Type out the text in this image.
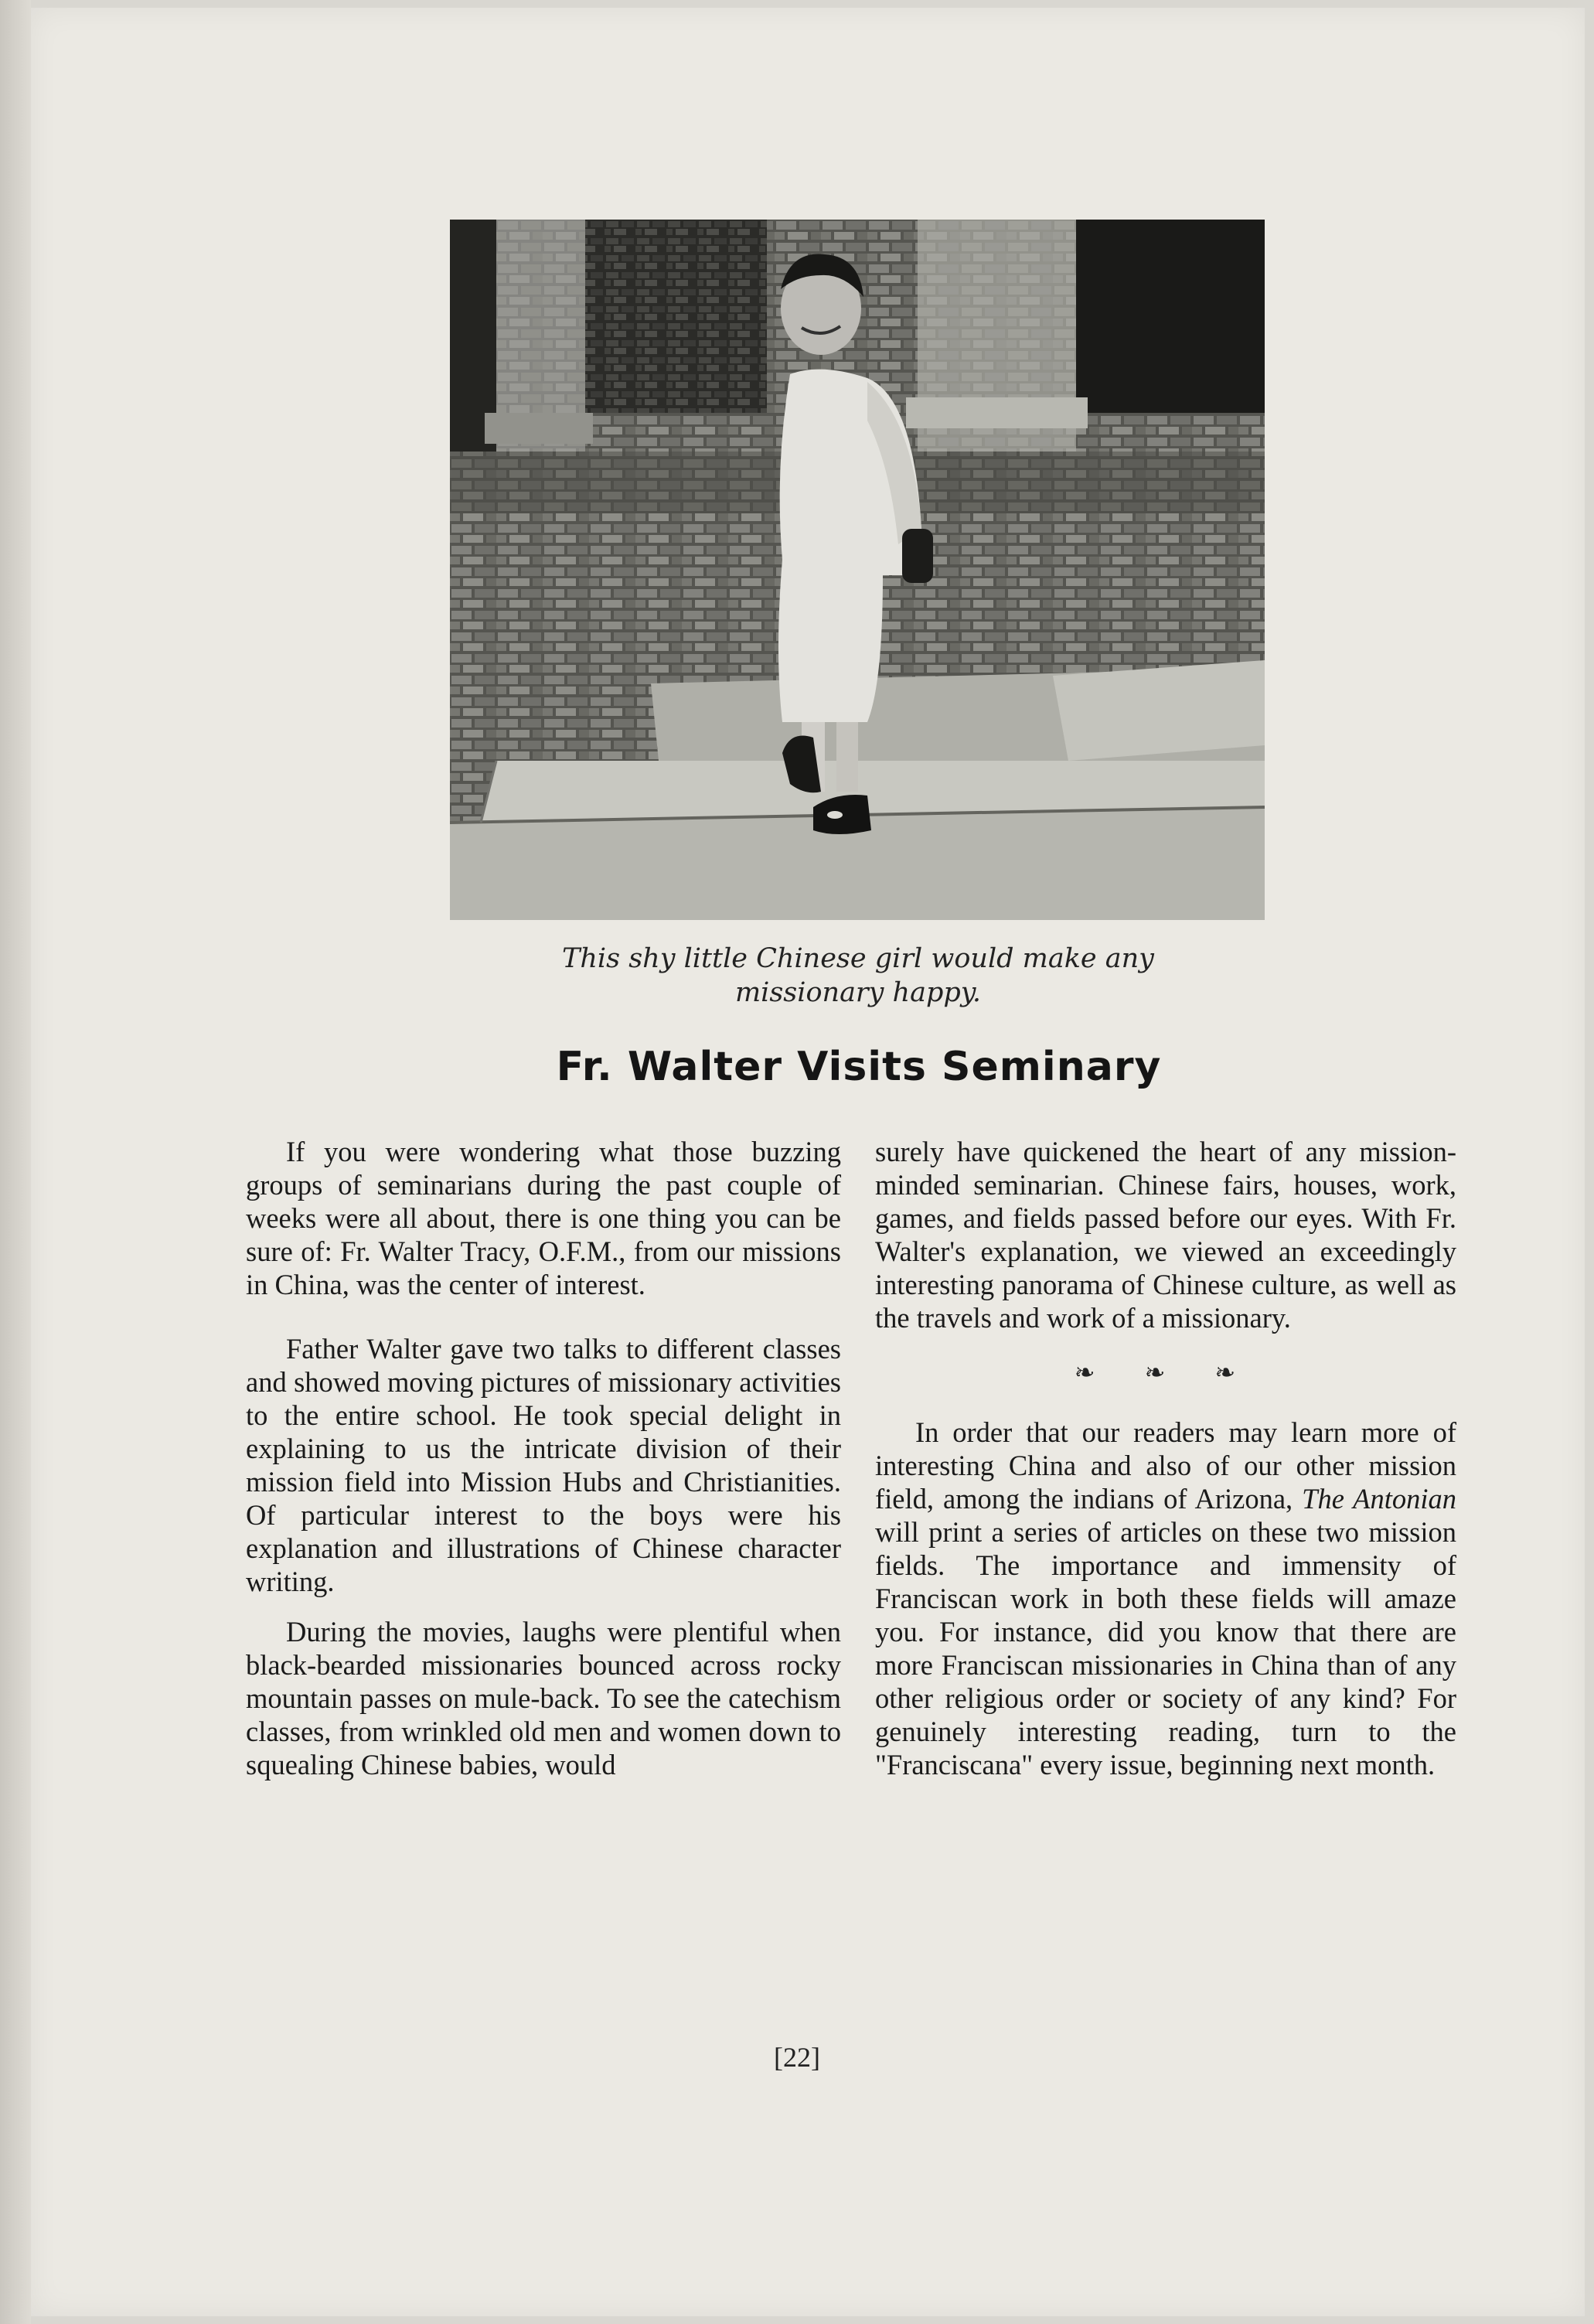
This shy little Chinese girl would make any
missionary happy.
Fr. Walter Visits Seminary

If you were wondering what those buzzing groups of seminarians during the past couple of weeks were all about, there is one thing you can be sure of: Fr. Walter Tracy, O.F.M., from our missions in China, was the center of interest.

Father Walter gave two talks to different classes and showed moving pictures of missionary activities to the entire school. He took special delight in explaining to us the intricate division of their mission field into Mission Hubs and Christianities. Of particular interest to the boys were his explanation and illustrations of Chinese character writing.

During the movies, laughs were plentiful when black-bearded missionaries bounced across rocky mountain passes on mule-back. To see the catechism classes, from wrinkled old men and women down to squealing Chinese babies, would

surely have quickened the heart of any mission-minded seminarian. Chinese fairs, houses, work, games, and fields passed before our eyes. With Fr. Walter's explanation, we viewed an exceedingly interesting panorama of Chinese culture, as well as the travels and work of a missionary.

❧ ❧ ❧

In order that our readers may learn more of interesting China and also of our other mission field, among the indians of Arizona, The Antonian will print a series of articles on these two mission fields. The importance and immensity of Franciscan work in both these fields will amaze you. For instance, did you know that there are more Franciscan missionaries in China than of any other religious order or society of any kind? For genuinely interesting reading, turn to the "Franciscana" every issue, beginning next month.

[22]
